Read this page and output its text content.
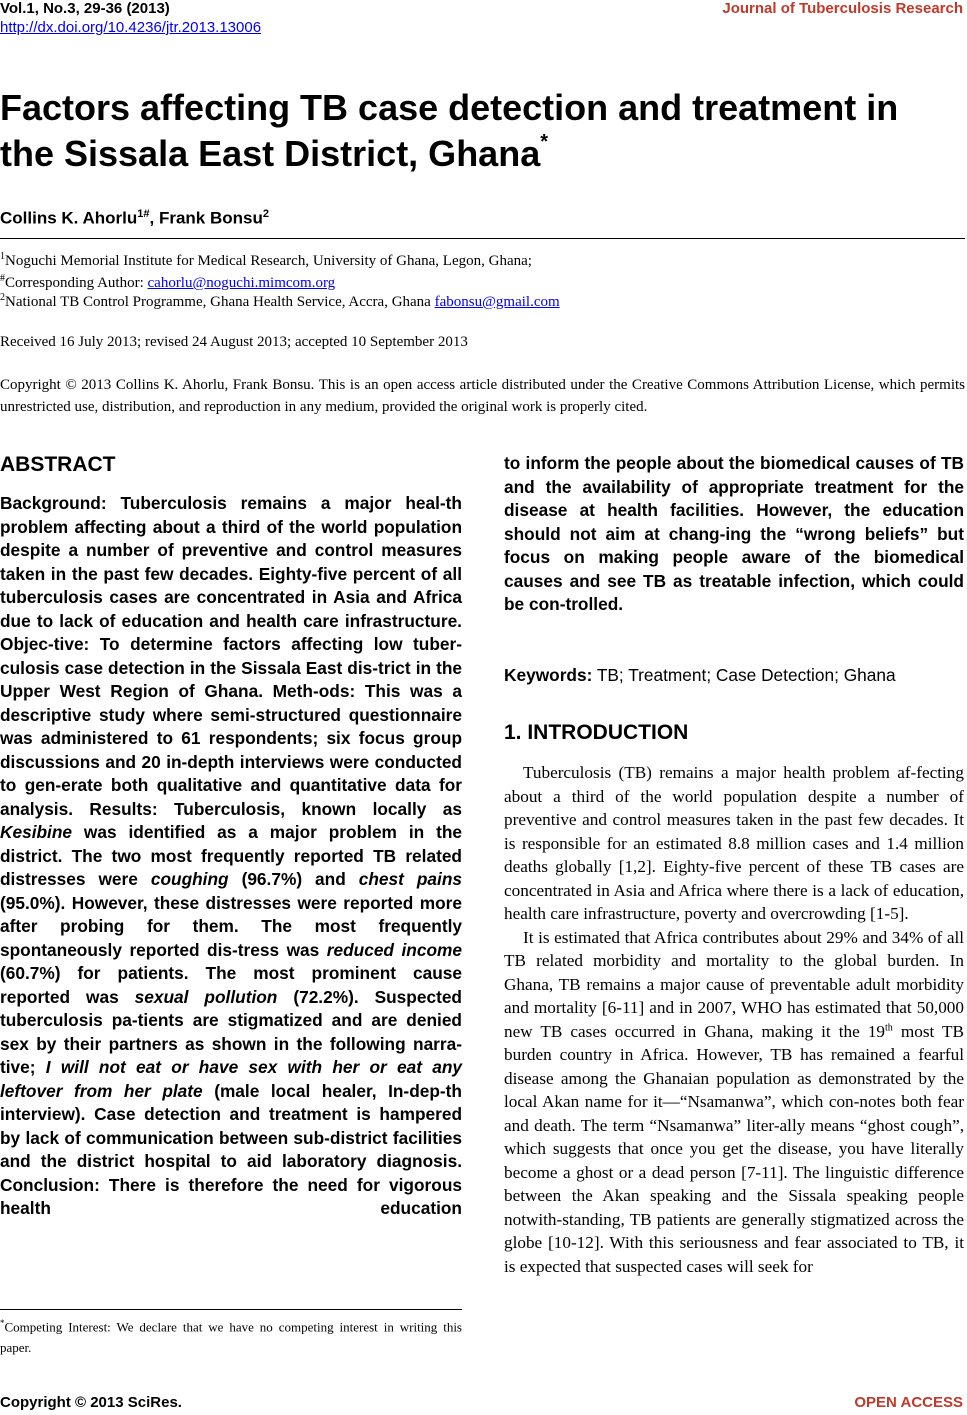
Vol.1, No.3, 29-36 (2013)
http://dx.doi.org/10.4236/jtr.2013.13006
Journal of Tuberculosis Research
Factors affecting TB case detection and treatment in
the Sissala East District, Ghana*
Collins K. Ahorlu$^{1\#}$, Frank Bonsu$^2$
$^1$Noguchi Memorial Institute for Medical Research, University of Ghana, Legon, Ghana;
#Corresponding Author: cahorlu@noguchi.mimcom.org
$^2$National TB Control Programme, Ghana Health Service, Accra, Ghana fabonsu@gmail.com
Received 16 July 2013; revised 24 August 2013; accepted 10 September 2013
Copyright © 2013 Collins K. Ahorlu, Frank Bonsu. This is an open access article distributed under the Creative Commons Attribution License, which permits unrestricted use, distribution, and reproduction in any medium, provided the original work is properly cited.
ABSTRACT
Background: Tuberculosis remains a major heal-th problem affecting about a third of the world population despite a number of preventive and control measures taken in the past few decades. Eighty-five percent of all tuberculosis cases are concentrated in Asia and Africa due to lack of education and health care infrastructure. Objec-tive: To determine factors affecting low tuber-culosis case detection in the Sissala East dis-trict in the Upper West Region of Ghana. Meth-ods: This was a descriptive study where semi-structured questionnaire was administered to 61 respondents; six focus group discussions and 20 in-depth interviews were conducted to gen-erate both qualitative and quantitative data for analysis. Results: Tuberculosis, known locally as Kesibine was identified as a major problem in the district. The two most frequently reported TB related distresses were coughing (96.7%) and chest pains (95.0%). However, these distresses were reported more after probing for them. The most frequently spontaneously reported dis-tress was reduced income (60.7%) for patients. The most prominent cause reported was sexual pollution (72.2%). Suspected tuberculosis pa-tients are stigmatized and are denied sex by their partners as shown in the following narra-tive; I will not eat or have sex with her or eat any leftover from her plate (male local healer, In-dep-th interview). Case detection and treatment is hampered by lack of communication between sub-district facilities and the district hospital to aid laboratory diagnosis. Conclusion: There is therefore the need for vigorous health education
to inform the people about the biomedical causes of TB and the availability of appropriate treatment for the disease at health facilities. However, the education should not aim at chang-ing the “wrong beliefs” but focus on making people aware of the biomedical causes and see TB as treatable infection, which could be con-trolled.
Keywords: TB; Treatment; Case Detection; Ghana
1. INTRODUCTION

Tuberculosis (TB) remains a major health problem af-fecting about a third of the world population despite a number of preventive and control measures taken in the past few decades. It is responsible for an estimated 8.8 million cases and 1.4 million deaths globally [1,2]. Eighty-five percent of these TB cases are concentrated in Asia and Africa where there is a lack of education, health care infrastructure, poverty and overcrowding [1-5].

It is estimated that Africa contributes about 29% and 34% of all TB related morbidity and mortality to the global burden. In Ghana, TB remains a major cause of preventable adult morbidity and mortality [6-11] and in 2007, WHO has estimated that 50,000 new TB cases occurred in Ghana, making it the 19th most TB burden country in Africa. However, TB has remained a fearful disease among the Ghanaian population as demonstrated by the local Akan name for it—“Nsamanwa”, which con-notes both fear and death. The term “Nsamanwa” liter-ally means “ghost cough”, which suggests that once you get the disease, you have literally become a ghost or a dead person [7-11]. The linguistic difference between the Akan speaking and the Sissala speaking people notwith-standing, TB patients are generally stigmatized across the globe [10-12]. With this seriousness and fear associated to TB, it is expected that suspected cases will seek for

*Competing Interest: We declare that we have no competing interest in writing this paper.
Copyright © 2013 SciRes.	OPEN ACCESS
